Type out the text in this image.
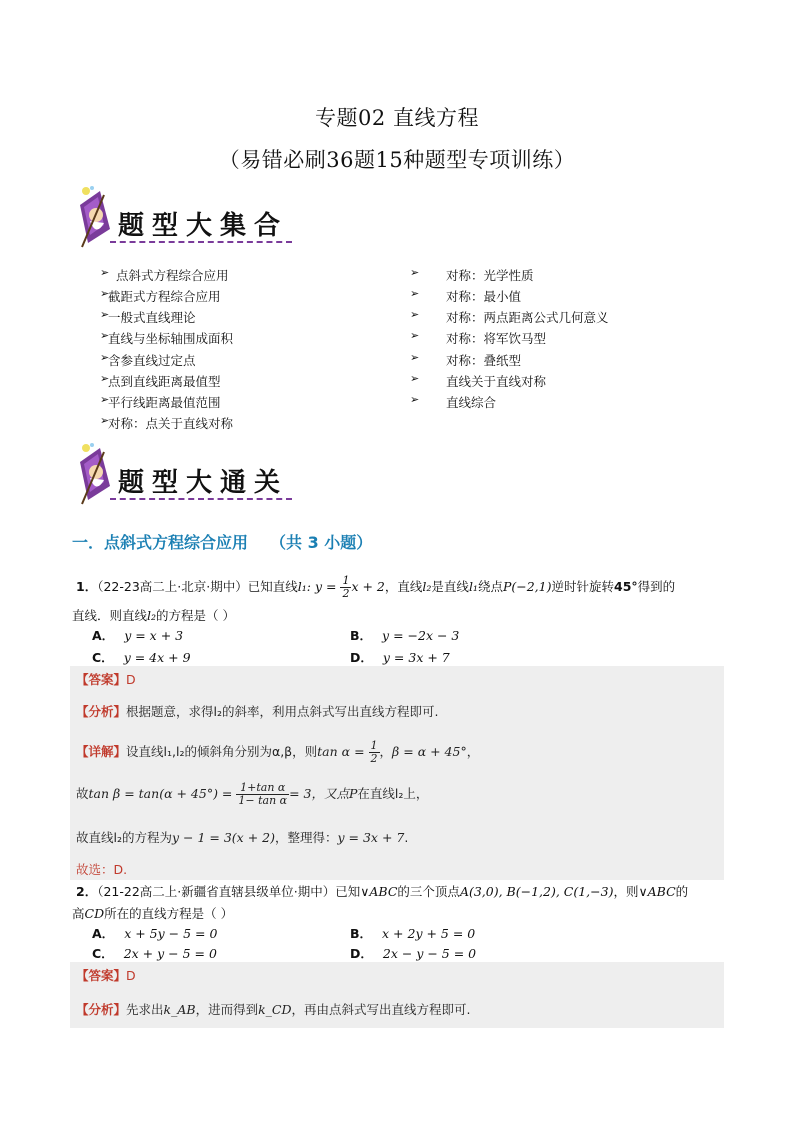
专题02 直线方程
（易错必刷36题15种题型专项训练）
题型大集合
➢ 点斜式方程综合应用
➢
截距式方程综合应用
➢
一般式直线理论
➢
直线与坐标轴围成面积
➢
含参直线过定点
➢
点到直线距离最值型
➢
平行线距离最值范围
➢
对称：点关于直线对称
➢ 对称：光学性质
➢ 对称：最小值
➢ 对称：两点距离公式几何意义
➢ 对称：将军饮马型
➢ 对称：叠纸型
➢ 直线关于直线对称
➢ 直线综合
题型大通关
一．点斜式方程综合应用 （共 3 小题）
1．（22-23高二上·北京·期中）已知直线l₁: $y = \frac{1}{2}$ x + 2，直线l₂是直线l₁绕点P(−2,1)逆时针旋转45°得到的
直线．则直线l₂的方程是（ ）
A． y = x + 3	B． y = −2x − 3
C． y = 4x + 9	D． y = 3x + 7
【答案】D
【分析】根据题意，求得l₂的斜率，利用点斜式写出直线方程即可.
【详解】设直线l₁,l₂的倾斜角分别为α,β，则$\tan \alpha = \frac{1}{2}$ ，β = α + 45°，
故$\tan \beta = \tan(\alpha + 45^\circ) = \frac{\text{1+tan α}}{\text{1− tan α}} = 3$，又点P在直线l₂上，
故直线l₂的方程为y − 1 = 3(x + 2)，整理得：y = 3x + 7.
故选：D.
2．（21-22高二上·新疆省直辖县级单位·期中）已知∨ABC的三个顶点A(3,0), B(−1,2), C(1,−3)，则∨ABC的
高CD所在的直线方程是（ ）
A． x + 5y − 5 = 0	B． x + 2y + 5 = 0
C． 2x + y − 5 = 0	D． 2x − y − 5 = 0
【答案】D
【分析】先求出k_AB，进而得到k_CD，再由点斜式写出直线方程即可.
